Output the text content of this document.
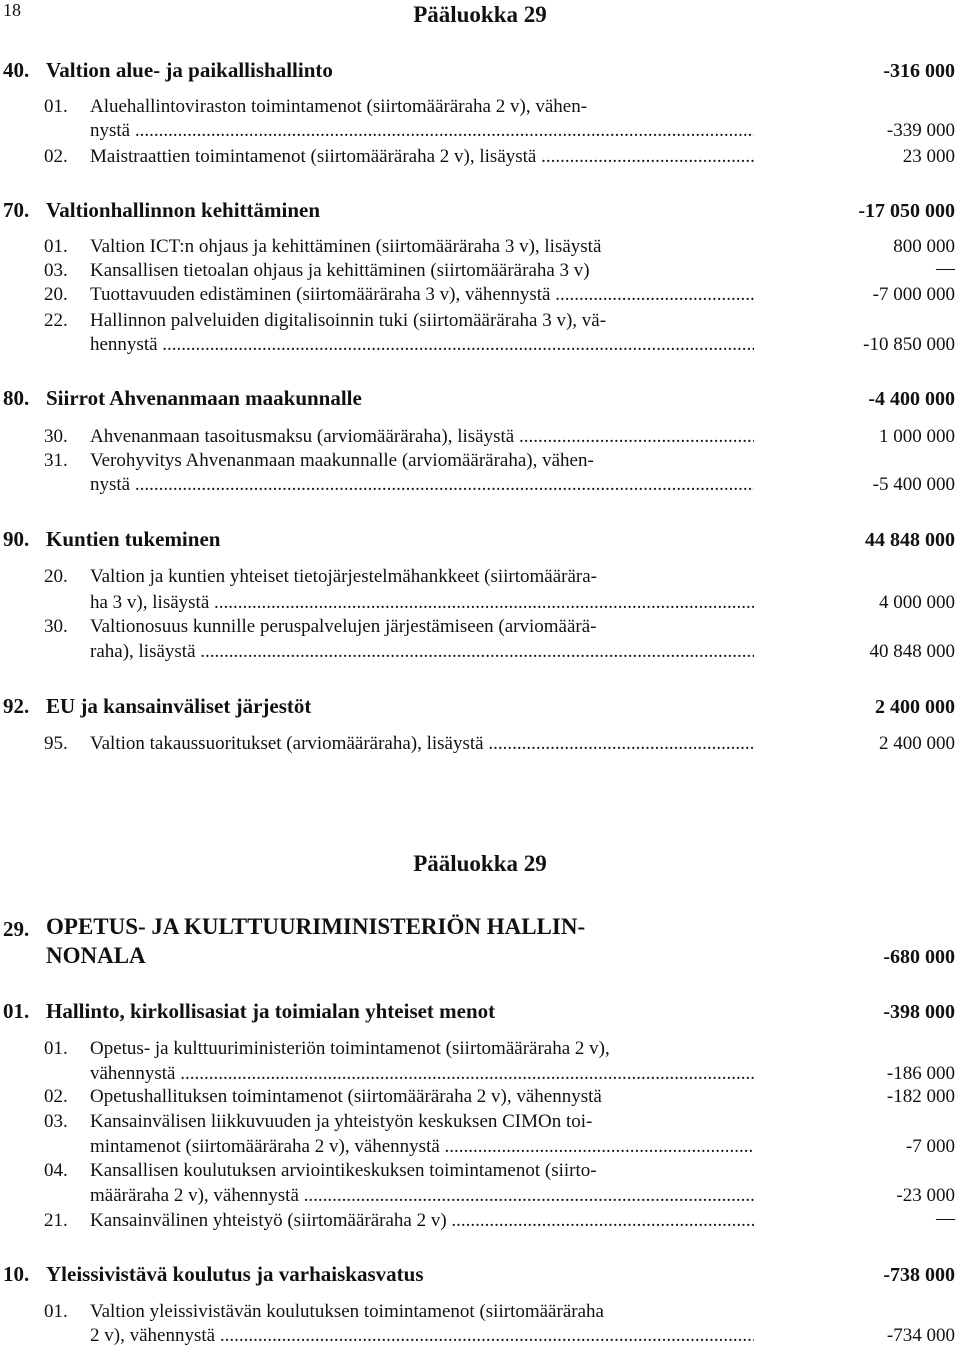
18	Pääluokka 29
40. Valtion alue- ja paikallishallinto	-316 000
01. Aluehallintoviraston toimintamenot (siirtomääräraha 2 v), vähen-
nystä .....	-339 000
02. Maistraattien toimintamenot (siirtomääräraha 2 v), lisäystä .....	23 000
70. Valtionhallinnon kehittäminen	-17 050 000
01. Valtion ICT:n ohjaus ja kehittäminen (siirtomääräraha 3 v), lisäystä	800 000
03. Kansallisen tietoalan ohjaus ja kehittäminen (siirtomääräraha 3 v)	—
20. Tuottavuuden edistäminen (siirtomääräraha 3 v), vähennystä .....	-7 000 000
22. Hallinnon palveluiden digitalisoinnin tuki (siirtomääräraha 3 v), vä-
hennystä .....	-10 850 000
80. Siirrot Ahvenanmaan maakunnalle	-4 400 000
30. Ahvenanmaan tasoitusmaksu (arviomääräraha), lisäystä .....	1 000 000
31. Verohyvitys Ahvenanmaan maakunnalle (arviomääräraha), vähen-
nystä .....	-5 400 000
90. Kuntien tukeminen	44 848 000
20. Valtion ja kuntien yhteiset tietojärjestelmähankkeet (siirtomäärära-
ha 3 v), lisäystä .....	4 000 000
30. Valtionosuus kunnille peruspalvelujen järjestämiseen (arviomäärä-
raha), lisäystä .....	40 848 000
92. EU ja kansainväliset järjestöt	2 400 000
95. Valtion takaussuoritukset (arviomääräraha), lisäystä .....	2 400 000
Pääluokka 29
29. OPETUS- JA KULTTUURIMINISTERIÖN HALLIN-
NONALA	-680 000
01. Hallinto, kirkollisasiat ja toimialan yhteiset menot	-398 000
01. Opetus- ja kulttuuriministeriön toimintamenot (siirtomääräraha 2 v),
vähennystä .....	-186 000
02. Opetushallituksen toimintamenot (siirtomääräraha 2 v), vähennystä	-182 000
03. Kansainvälisen liikkuvuuden ja yhteistyön keskuksen CIMOn toi-
mintamenot (siirtomääräraha 2 v), vähennystä .....	-7 000
04. Kansallisen koulutuksen arviointikeskuksen toimintamenot (siirto-
määräraha 2 v), vähennystä .....	-23 000
21. Kansainvälinen yhteistyö (siirtomääräraha 2 v) .....	—
10. Yleissivistävä koulutus ja varhaiskasvatus	-738 000
01. Valtion yleissivistävän koulutuksen toimintamenot (siirtomääräraha
2 v), vähennystä .....	-734 000
